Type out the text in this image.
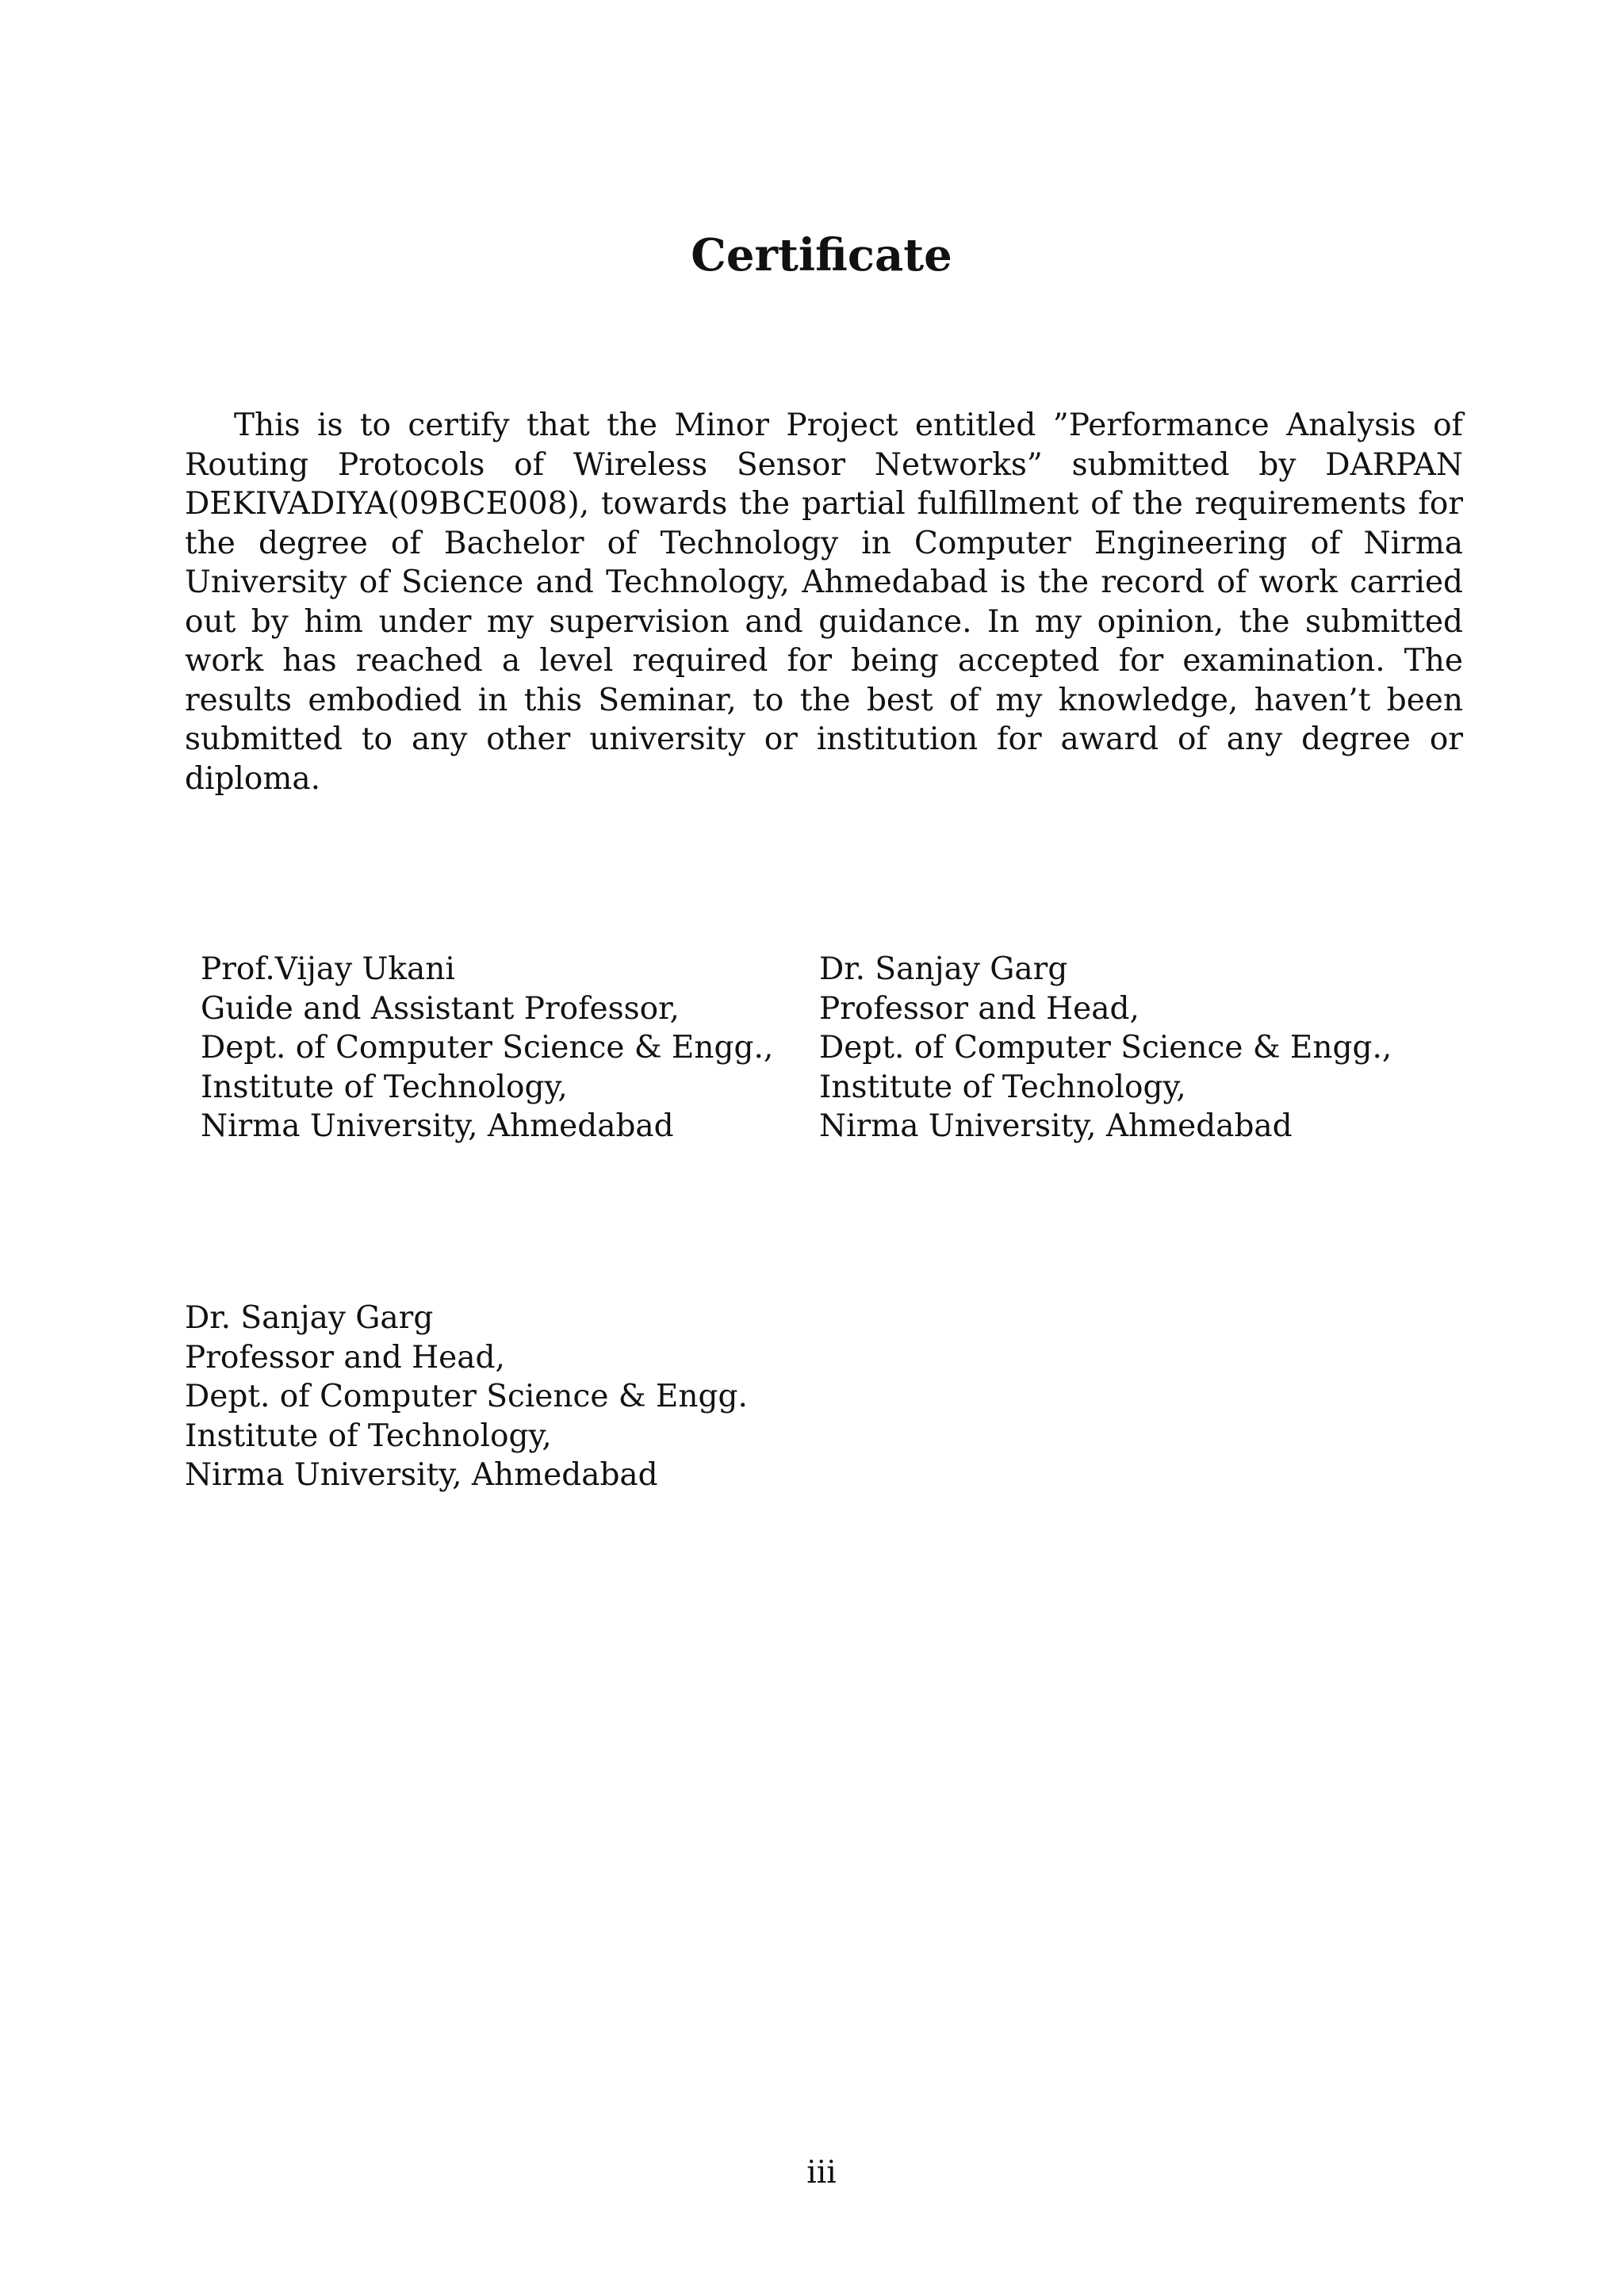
Certificate

This is to certify that the Minor Project entitled ”Performance Analysis of Routing Protocols of Wireless Sensor Networks” submitted by DARPAN DEKIVADIYA(09BCE008), towards the partial fulfillment of the requirements for the degree of Bachelor of Technology in Computer Engineering of Nirma University of Science and Technology, Ahmedabad is the record of work carried out by him under my supervision and guidance. In my opinion, the submitted work has reached a level required for being accepted for examination. The results embodied in this Seminar, to the best of my knowledge, haven’t been submitted to any other university or institution for award of any degree or diploma.

Prof.Vijay Ukani
Guide and Assistant Professor,
Dept. of Computer Science & Engg.,
Institute of Technology,
Nirma University, Ahmedabad
Dr. Sanjay Garg
Professor and Head,
Dept. of Computer Science & Engg.,
Institute of Technology,
Nirma University, Ahmedabad
Dr. Sanjay Garg
Professor and Head,
Dept. of Computer Science & Engg.
Institute of Technology,
Nirma University, Ahmedabad
iii
